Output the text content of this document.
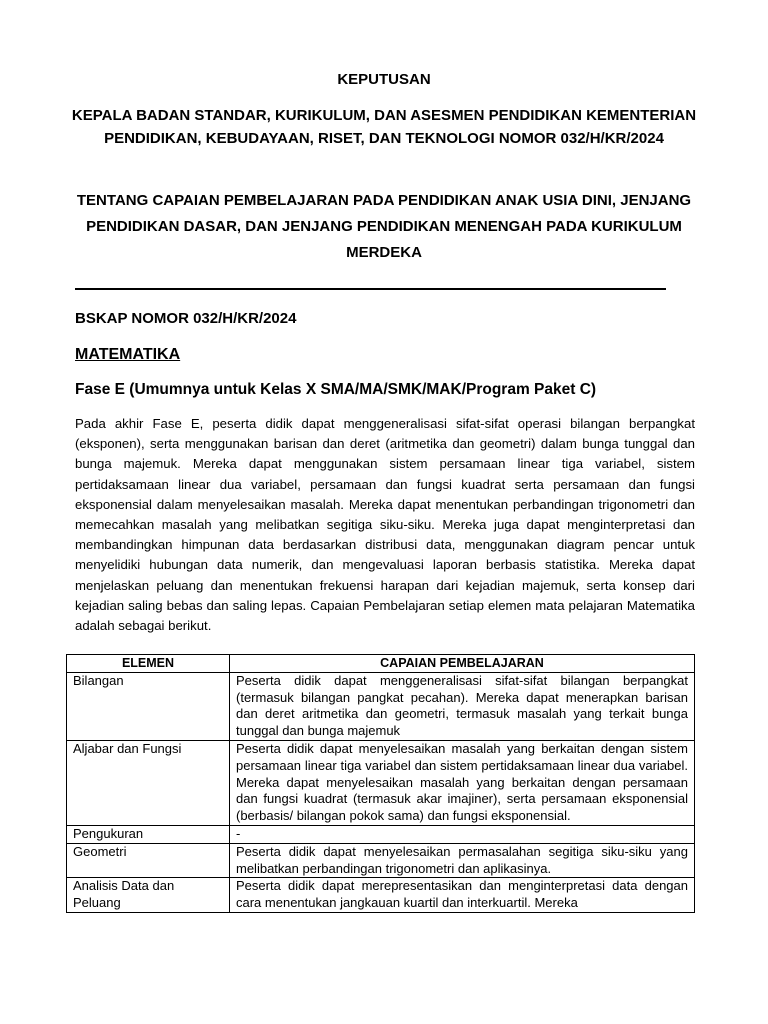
KEPUTUSAN
KEPALA BADAN STANDAR, KURIKULUM, DAN ASESMEN PENDIDIKAN KEMENTERIAN PENDIDIKAN, KEBUDAYAAN, RISET, DAN TEKNOLOGI NOMOR 032/H/KR/2024
TENTANG CAPAIAN PEMBELAJARAN PADA PENDIDIKAN ANAK USIA DINI, JENJANG PENDIDIKAN DASAR, DAN JENJANG PENDIDIKAN MENENGAH PADA KURIKULUM MERDEKA
BSKAP NOMOR 032/H/KR/2024
MATEMATIKA
Fase E (Umumnya untuk Kelas X SMA/MA/SMK/MAK/Program Paket C)
Pada akhir Fase E, peserta didik dapat menggeneralisasi sifat-sifat operasi bilangan berpangkat (eksponen), serta menggunakan barisan dan deret (aritmetika dan geometri) dalam bunga tunggal dan bunga majemuk. Mereka dapat menggunakan sistem persamaan linear tiga variabel, sistem pertidaksamaan linear dua variabel, persamaan dan fungsi kuadrat serta persamaan dan fungsi eksponensial dalam menyelesaikan masalah. Mereka dapat menentukan perbandingan trigonometri dan memecahkan masalah yang melibatkan segitiga siku-siku. Mereka juga dapat menginterpretasi dan membandingkan himpunan data berdasarkan distribusi data, menggunakan diagram pencar untuk menyelidiki hubungan data numerik, dan mengevaluasi laporan berbasis statistika. Mereka dapat menjelaskan peluang dan menentukan frekuensi harapan dari kejadian majemuk, serta konsep dari kejadian saling bebas dan saling lepas. Capaian Pembelajaran setiap elemen mata pelajaran Matematika adalah sebagai berikut.
ELEMEN	CAPAIAN PEMBELAJARAN
Bilangan	Peserta didik dapat menggeneralisasi sifat-sifat bilangan berpangkat (termasuk bilangan pangkat pecahan). Mereka dapat menerapkan barisan dan deret aritmetika dan geometri, termasuk masalah yang terkait bunga tunggal dan bunga majemuk
Aljabar dan Fungsi	Peserta didik dapat menyelesaikan masalah yang berkaitan dengan sistem persamaan linear tiga variabel dan sistem pertidaksamaan linear dua variabel. Mereka dapat menyelesaikan masalah yang berkaitan dengan persamaan dan fungsi kuadrat (termasuk akar imajiner), serta persamaan eksponensial (berbasis/ bilangan pokok sama) dan fungsi eksponensial.
Pengukuran	-
Geometri	Peserta didik dapat menyelesaikan permasalahan segitiga siku-siku yang melibatkan perbandingan trigonometri dan aplikasinya.
Analisis Data dan Peluang	Peserta didik dapat merepresentasikan dan menginterpretasi data dengan cara menentukan jangkauan kuartil dan interkuartil. Mereka
